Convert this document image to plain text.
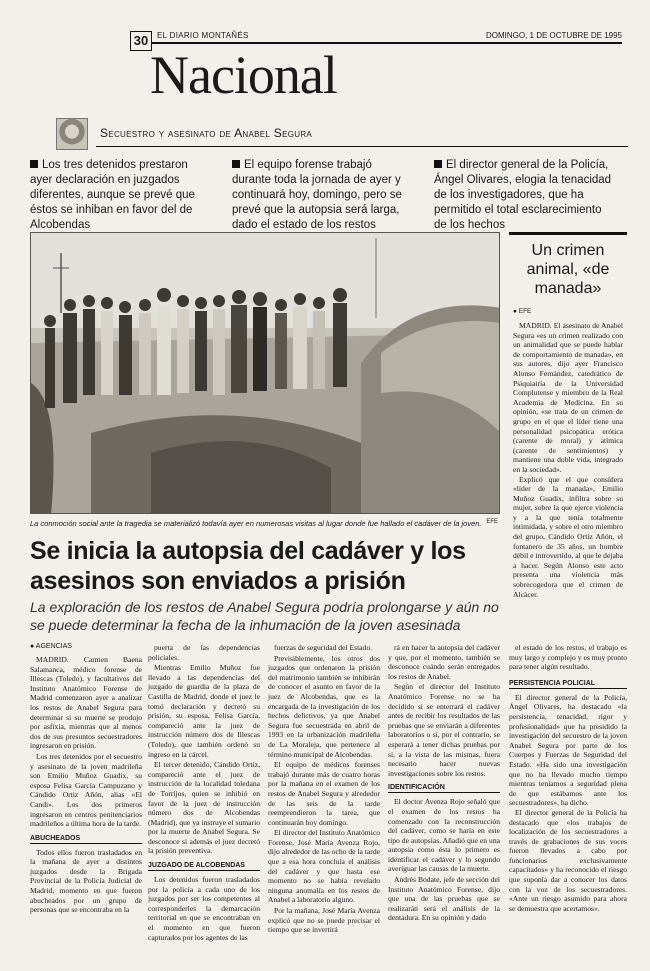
30	EL DIARIO MONTAÑÉS	DOMINGO, 1 DE OCTUBRE DE 1995
Nacional
Secuestro y asesinato de Anabel Segura
Los tres detenidos prestaron ayer declaración en juzgados diferentes, aunque se prevé que éstos se inhiban en favor del de Alcobendas
El equipo forense trabajó durante toda la jornada de ayer y continuará hoy, domingo, pero se prevé que la autopsia será larga, dado el estado de los restos
El director general de la Policía, Ángel Olivares, elogia la tenacidad de los investigadores, que ha permitido el total esclarecimiento de los hechos
La conmoción social ante la tragedia se materializó todavía ayer en numerosas visitas al lugar donde fue hallado el cadáver de la joven. EFE
Se inicia la autopsia del cadáver y los asesinos son enviados a prisión
La exploración de los restos de Anabel Segura podría prolongarse y aún no se puede determinar la fecha de la inhumación de la joven asesinada

● AGENCIAS

MADRID. Carmen Baena Salamanca, médico forense de Illescas (Toledo), y facultativos del Instituto Anatómico Forense de Madrid comenzaron ayer a analizar los restos de Anabel Segura para determinar si su muerte se produjo por asfixia, mientras que al menos dos de sus presuntos secuestradores ingresaron en prisión.

Los tres detenidos por el secuestro y asesinato de la joven madrileña son Emilio Muñoz Guadix, su esposa Felisa García Campuzano y Cándido Ortiz Añón, alias «El Candi». Los dos primeros ingresaron en centros penitenciarios madrileños a última hora de la tarde.

ABUCHEADOS

Todos ellos fueron trasladados en la mañana de ayer a distintos juzgados desde la Brigada Provincial de la Policía Judicial de Madrid, momento en que fueron abucheados por un grupo de personas que se encontraba en la

puerta de las dependencias policiales.

Mientras Emilio Muñoz fue llevado a las dependencias del juzgado de guardia de la plaza de Castilla de Madrid, donde el juez le tomó declaración y decretó su prisión, su esposa, Felisa García, compareció ante la juez de instrucción número dos de Illescas (Toledo), que también ordenó su ingreso en la cárcel.

El tercer detenido, Cándido Ortiz, compareció ante el juez de instrucción de la localidad toledana de Torrijos, quien se inhibió en favor de la juez de instrucción número dos de Alcobendas (Madrid), que ya instruye el sumario por la muerte de Anabel Segura. Se desconoce si además el juez decretó la prisión preventiva.

JUZGADO DE ALCOBENDAS

Los detenidos fueron trasladados por la policía a cada uno de los juzgados por ser los competentes al corresponderles la demarcación territorial en que se encontraban en el momento en que fueron capturados por los agentes de las

fuerzas de seguridad del Estado.

Previsiblemente, los otros dos juzgados que ordenaron la prisión del matrimonio también se inhibirán de conocer el asunto en favor de la juez de Alcobendas, que es la encargada de la investigación de los hechos delictivos, ya que Anabel Segura fue secuestrada en abril de 1993 en la urbanización madrileña de La Moraleja, que pertenece al término municipal de Alcobendas.

El equipo de médicos forenses trabajó durante más de cuatro horas por la mañana en el examen de los restos de Anabel Segura y alrededor de las seis de la tarde reemprendieron la tarea, que continuarán hoy domingo.

El director del Instituto Anatómico Forense, José María Avenza Rojo, dijo alrededor de las ocho de la tarde que a esa hora concluía el análisis del cadáver y que hasta ese momento no se había revelado ninguna anomalía en los restos de Anabel a laboratorio alguno.

Por la mañana, José María Avenza explicó que no se puede precisar el tiempo que se invertirá

rá en hacer la autopsia del cadáver y que, por el momento, también se desconoce cuándo serán entregados los restos de Anabel.

Según el director del Instituto Anatómico Forense no se ha decidido si se enterrará el cadáver antes de recibir los resultados de las pruebas que se enviarán a diferentes laboratorios o si, por el contrario, se esperará a tener dichas pruebas por si, a la vista de las mismas, fuera necesario hacer nuevas investigaciones sobre los restos.

IDENTIFICACIÓN

El doctor Avenza Rojo señaló que el examen de los restos ha comenzado con la reconstrucción del cadáver, como se haría en este tipo de autopsias. Añadió que en una autopsia como ésta lo primero es identificar el cadáver y lo segundo averiguar las causas de la muerte.

Andrés Bodate, jefe de sección del Instituto Anatómico Forense, dijo que una de las pruebas que se realizarán será el análisis de la dentadura. En su opinión y dado

Un crimen animal, «de manada»
● EFE

MADRID. El asesinato de Anabel Segura «es un crimen realizado con un animalidad que se puede hablar de comportamiento de manada», en sus autores, dijo ayer Francisco Alonso Fernández, catedrático de Psiquiatría de la Universidad Complutense y miembro de la Real Academia de Medicina. En su opinión, «se trata de un crimen de grupo en el que el líder tiene una personalidad psicopática erótica (carente de moral) y atímica (carente de sentimientos) y mantiene una doble vida, integrado en la sociedad».

Explicó que el que considera «líder de la manada», Emilio Muñoz Guadix, infiltra sobre su mujer, sobre la que ejerce violencia y a la que tenía totalmente intimidada, y sobre el otro miembro del grupo, Cándido Ortiz Añón, el fontanero de 35 años, un hombre débil e introvertido, al que le dejaba a hacer. Según Alonso este acto presenta una violencia más sobrecogedora que el crimen de Alcàcer.

el estado de los restos, el trabajo es muy largo y complejo y es muy pronto para tener algún resultado.

PERSISTENCIA POLICIAL

El director general de la Policía, Ángel Olivares, ha destacado «la persistencia, tenacidad, rigor y profesionalidad» que ha presidido la investigación del secuestro de la joven Anabel Segura por parte de los Cuerpos y Fuerzas de Seguridad del Estado. «Ha sido una investigación que no ha llevado mucho tiempo mientras teníamos a seguridad plena de que estábamos ante los secuestradores», ha dicho.

El director general de la Policía ha destacado que «los trabajos de localización de los secuestradores a través de grabaciones de sus voces fueron llevados a cabo por funcionarios exclusivamente capacitados» y ha reconocido el riesgo que suponía dar a conocer los datos con la voz de los secuestradores. «Ante un riesgo asumido para ahora se demuestra que acertamos».
